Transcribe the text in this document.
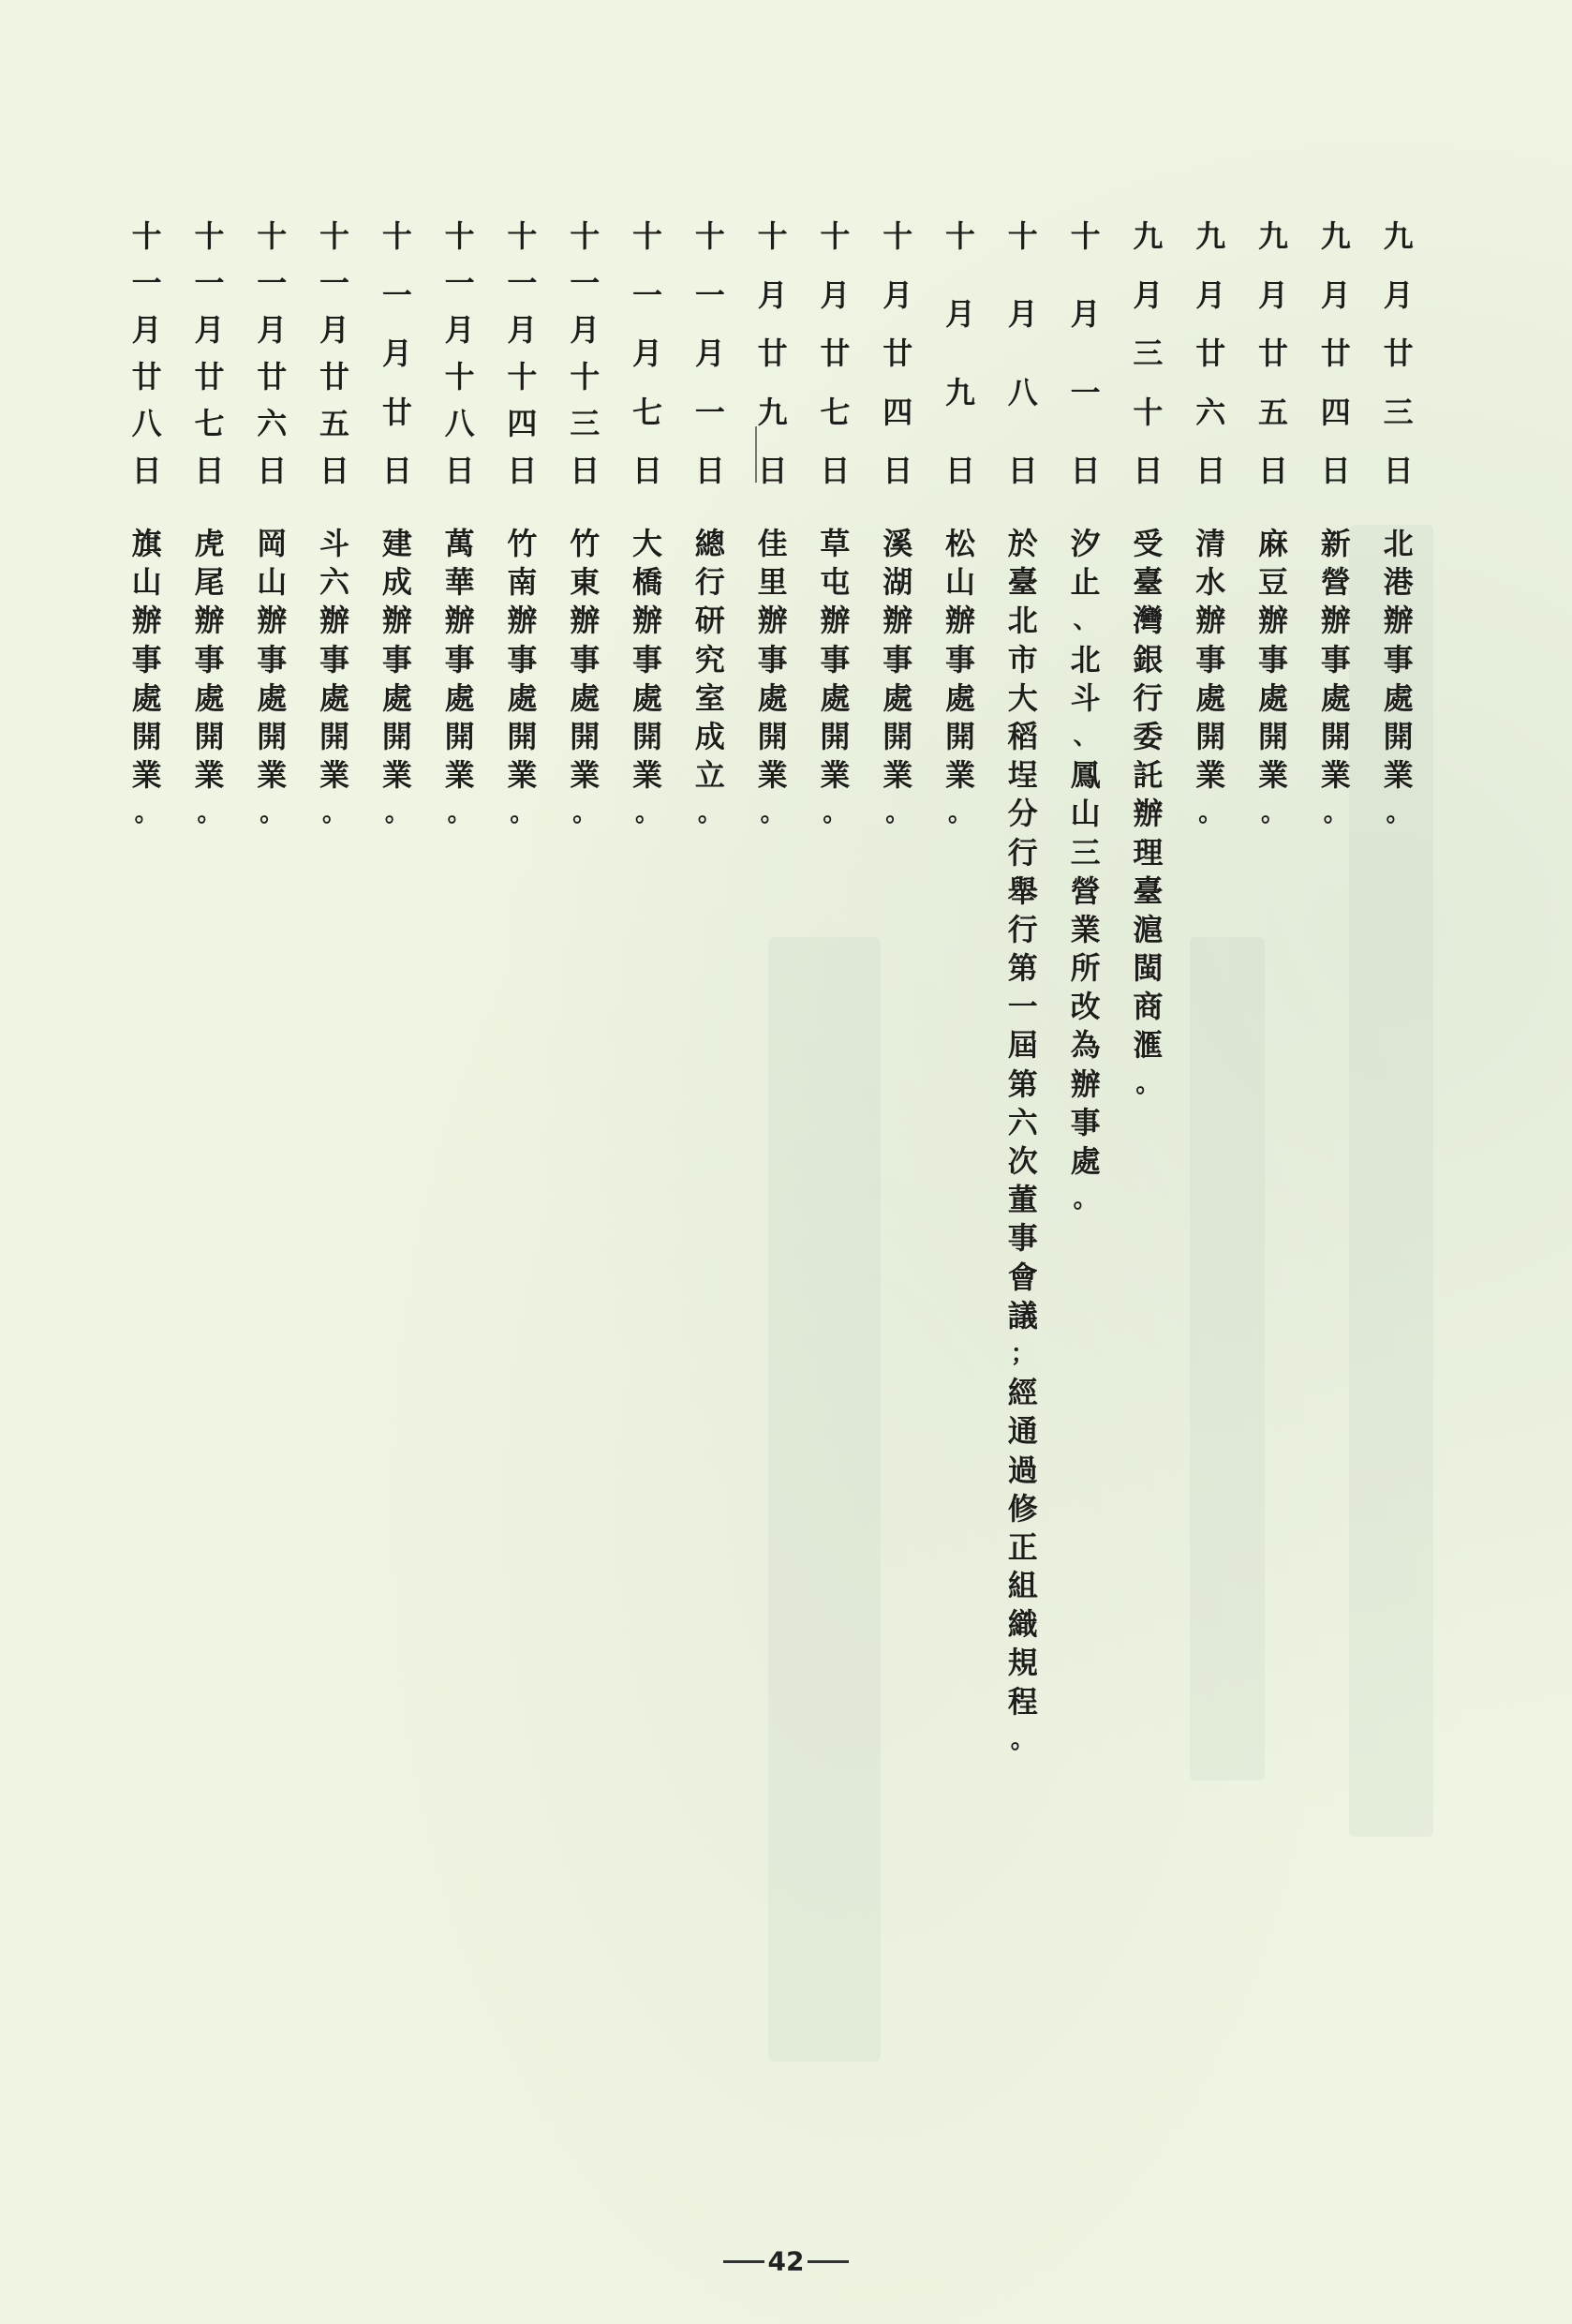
九
月
廿
三
日
北
港
辦
事
處
開
業
。
九
月
廿
四
日
新
營
辦
事
處
開
業
。
九
月
廿
五
日
麻
豆
辦
事
處
開
業
。
九
月
廿
六
日
清
水
辦
事
處
開
業
。
九
月
三
十
日
受
臺
灣
銀
行
委
託
辦
理
臺
滬
閩
商
滙
。
十
月
一
日
汐
止
、
北
斗
、
鳳
山
三
營
業
所
改
為
辦
事
處
。
十
月
八
日
於
臺
北
市
大
稻
埕
分
行
舉
行
第
一
屆
第
六
次
董
事
會
議
；
經
通
過
修
正
組
織
規
程
。
十
月
九
日
松
山
辦
事
處
開
業
。
十
月
廿
四
日
溪
湖
辦
事
處
開
業
。
十
月
廿
七
日
草
屯
辦
事
處
開
業
。
十
月
廿
九
日
佳
里
辦
事
處
開
業
。
十
一
月
一
日
總
行
研
究
室
成
立
。
十
一
月
七
日
大
橋
辦
事
處
開
業
。
十
一
月
十
三
日
竹
東
辦
事
處
開
業
。
十
一
月
十
四
日
竹
南
辦
事
處
開
業
。
十
一
月
十
八
日
萬
華
辦
事
處
開
業
。
十
一
月
廿
日
建
成
辦
事
處
開
業
。
十
一
月
廿
五
日
斗
六
辦
事
處
開
業
。
十
一
月
廿
六
日
岡
山
辦
事
處
開
業
。
十
一
月
廿
七
日
虎
尾
辦
事
處
開
業
。
十
一
月
廿
八
日
旗
山
辦
事
處
開
業
。
42
